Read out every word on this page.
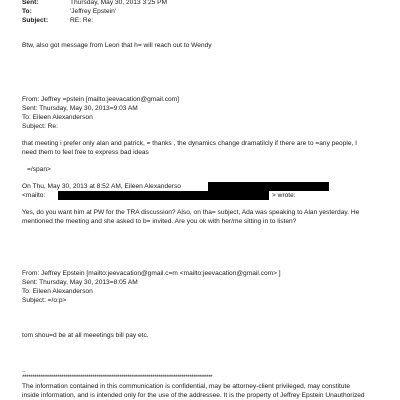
Sent:	Thursday, May 30, 2013 3:25 PM
To:	'Jeffrey Epstein'
Subject:	RE: Re:
Btw, also got message from Leon that h= will reach out to Wendy
From: Jeffrey =pstein [mailto:jeevacation@gmail.com]
Sent: Thursday, May 30, 2013=9:03 AM
To: Eileen Alexanderson
Subject: Re:
that meeting i prefer only alan and patrick, = thanks , the dynamics change dramatilcly if there are to =any people, I
need them to feel free to express bad ideas
=/span>
On Thu, May 30, 2013 at 8:52 AM, Eileen Alexanderso
<mailto:	> wrote:
Yes, do you want him at PW for the TRA discussion? Also, on tha= subject, Ada was speaking to Alan yesterday. He
mentioned the meeting and she asked to b= invited. Are you ok with her/me sitting in to listen?
From: Jeffrey Epstein [mailto:jeevacation@gmail.c=m <mailto:jeevacation@gmail.com> ]
Sent: Thursday, May 30, 2013=8:05 AM
To: Eileen Alexanderson
Subject: =/o:p>
tom shou=d be at all meeetings bill pay etc.
..
********************************************************************************************
The information contained in this communication is confidential, may be attorney-client privileged, may constitute
inside information, and is intended only for the use of the addressee. It is the property of Jeffrey Epstein Unauthorized
